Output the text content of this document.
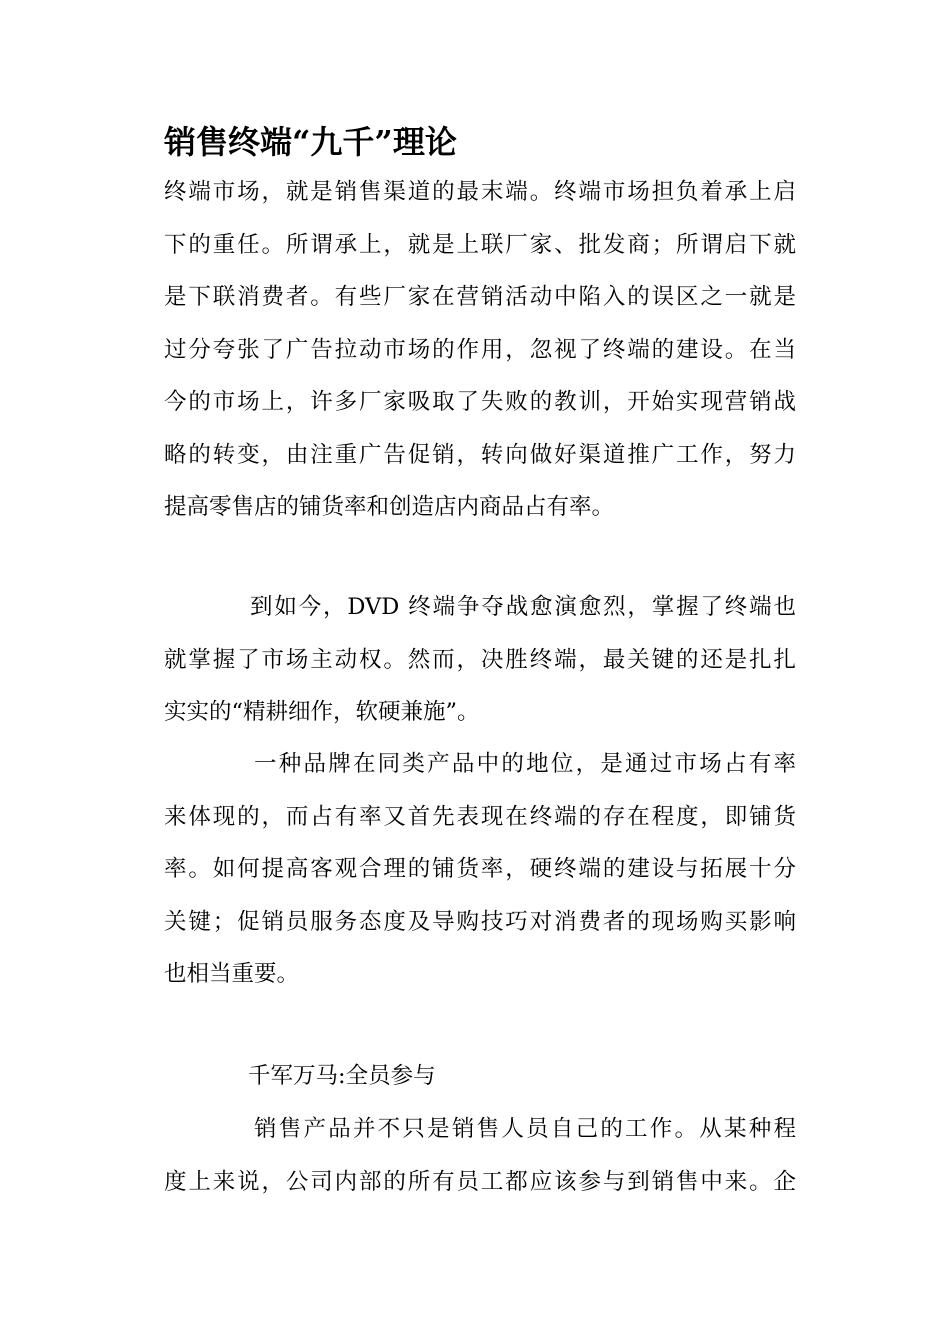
销售终端“九千”理论
终端市场，就是销售渠道的最末端。终端市场担负着承上启
下的重任。所谓承上，就是上联厂家、批发商；所谓启下就
是下联消费者。有些厂家在营销活动中陷入的误区之一就是
过分夸张了广告拉动市场的作用，忽视了终端的建设。在当
今的市场上，许多厂家吸取了失败的教训，开始实现营销战
略的转变，由注重广告促销，转向做好渠道推广工作，努力
提高零售店的铺货率和创造店内商品占有率。
到如今，DVD 终端争夺战愈演愈烈，掌握了终端也
就掌握了市场主动权。然而，决胜终端，最关键的还是扎扎
实实的“精耕细作，软硬兼施”。
一种品牌在同类产品中的地位，是通过市场占有率
来体现的，而占有率又首先表现在终端的存在程度，即铺货
率。如何提高客观合理的铺货率，硬终端的建设与拓展十分
关键；促销员服务态度及导购技巧对消费者的现场购买影响
也相当重要。
千军万马:全员参与
销售产品并不只是销售人员自己的工作。从某种程
度上来说，公司内部的所有员工都应该参与到销售中来。企
